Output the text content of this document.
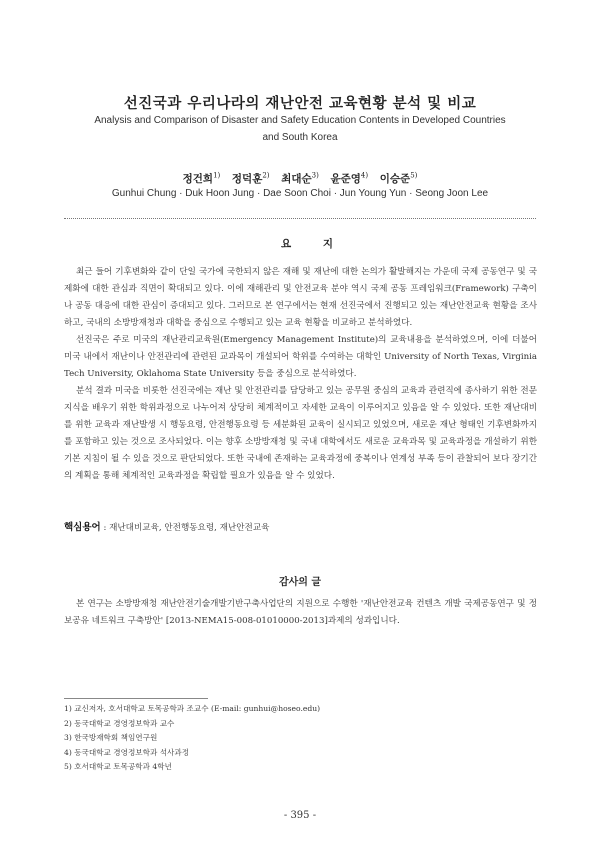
선진국과 우리나라의 재난안전 교육현황 분석 및 비교
Analysis and Comparison of Disaster and Safety Education Contents in Developed Countries
and South Korea
정건희$^{1)}$ 정덕훈$^{2)}$ 최대순$^{3)}$ 윤준영$^{4)}$ 이승준$^{5)}$
Gunhui Chung · Duk Hoon Jung · Dae Soon Choi · Jun Young Yun · Seong Joon Lee
요 지

최근 들어 기후변화와 같이 단일 국가에 국한되지 않은 재해 및 재난에 대한 논의가 활발해지는 가운데 국제 공동연구 및 국제화에 대한 관심과 직면이 확대되고 있다. 이에 재해관리 및 안전교육 분야 역시 국제 공동 프레임워크(Framework) 구축이나 공동 대응에 대한 관심이 증대되고 있다. 그러므로 본 연구에서는 현재 선진국에서 진행되고 있는 재난안전교육 현황을 조사하고, 국내의 소방방재청과 대학을 중심으로 수행되고 있는 교육 현황을 비교하고 분석하였다.

선진국은 주로 미국의 재난관리교육원(Emergency Management Institute)의 교육내용을 분석하였으며, 이에 더불어 미국 내에서 재난이나 안전관리에 관련된 교과목이 개설되어 학위를 수여하는 대학인 University of North Texas, Virginia Tech University, Oklahoma State University 등을 중심으로 분석하였다.

분석 결과 미국을 비롯한 선진국에는 재난 및 안전관리를 담당하고 있는 공무원 중심의 교육과 관련직에 종사하기 위한 전문지식을 배우기 위한 학위과정으로 나누어져 상당히 체계적이고 자세한 교육이 이루어지고 있음을 알 수 있었다. 또한 재난대비를 위한 교육과 재난발생 시 행동요령, 안전행동요령 등 세분화된 교육이 실시되고 있었으며, 새로운 재난 형태인 기후변화까지를 포함하고 있는 것으로 조사되었다. 이는 향후 소방방재청 및 국내 대학에서도 새로운 교육과목 및 교육과정을 개설하기 위한 기본 지침이 될 수 있을 것으로 판단되었다. 또한 국내에 존재하는 교육과정에 중복이나 연계성 부족 등이 관찰되어 보다 장기간의 계획을 통해 체계적인 교육과정을 확립할 필요가 있음을 알 수 있었다.

핵심용어 : 재난대비교육, 안전행동요령, 재난안전교육
감사의 글
본 연구는 소방방재청 재난안전기술개발기반구축사업단의 지원으로 수행한 '재난안전교육 컨텐츠 개발 국제공동연구 및 정보공유 네트워크 구축방안' [2013-NEMA15-008-01010000-2013]과제의 성과입니다.
1) 교신저자, 호서대학교 토목공학과 조교수 (E-mail: gunhui@hoseo.edu)
2) 동국대학교 경영정보학과 교수
3) 한국방재학회 책임연구원
4) 동국대학교 경영정보학과 석사과정
5) 호서대학교 토목공학과 4학년
- 395 -
